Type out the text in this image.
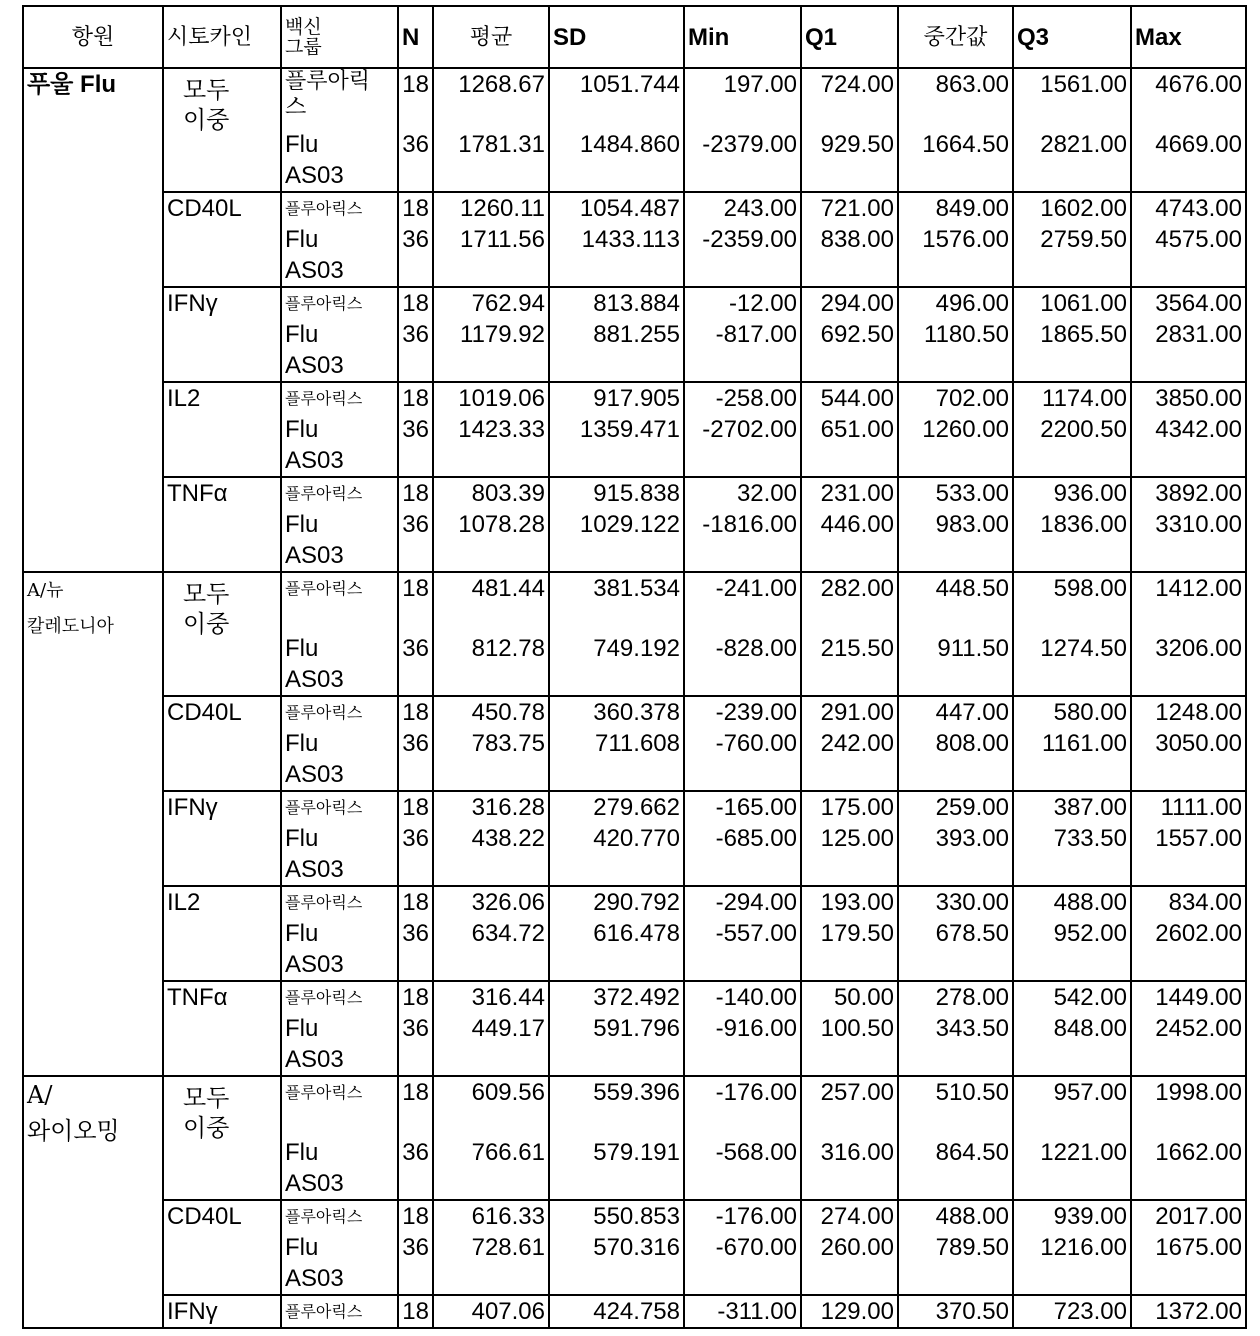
항원	시토카인	백신
그룹	N	평균	SD	Min	Q1	중간값	Q3	Max

푸울 Flu	모두
이중

플루아릭스
Flu AS03

18
36

1268.67
1781.31

1051.744
1484.860

197.00
-2379.00

724.00
929.50

863.00
1664.50

1561.00
2821.00

4676.00
4669.00

CD40L	플루아릭스
Flu AS03

18
36

1260.11
1711.56

1054.487
1433.113

243.00
-2359.00

721.00
838.00

849.00
1576.00

1602.00
2759.50

4743.00
4575.00

IFNγ	플루아릭스
Flu AS03

18
36

762.94
1179.92

813.884
881.255

-12.00
-817.00

294.00
692.50

496.00
1180.50

1061.00
1865.50

3564.00
2831.00

IL2	플루아릭스
Flu AS03

18
36

1019.06
1423.33

917.905
1359.471

-258.00
-2702.00

544.00
651.00

702.00
1260.00

1174.00
2200.50

3850.00
4342.00

TNFα	플루아릭스
Flu AS03

18
36

803.39
1078.28

915.838
1029.122

32.00
-1816.00

231.00
446.00

533.00
983.00

936.00
1836.00

3892.00
3310.00

A/뉴
칼레도니아

모두
이중

플루아릭스
Flu AS03

18
36

481.44
812.78

381.534
749.192

-241.00
-828.00

282.00
215.50

448.50
911.50

598.00
1274.50

1412.00
3206.00

CD40L	플루아릭스
Flu AS03

18
36

450.78
783.75

360.378
711.608

-239.00
-760.00

291.00
242.00

447.00
808.00

580.00
1161.00

1248.00
3050.00

IFNγ	플루아릭스
Flu AS03

18
36

316.28
438.22

279.662
420.770

-165.00
-685.00

175.00
125.00

259.00
393.00

387.00
733.50

1111.00
1557.00

IL2	플루아릭스
Flu AS03

18
36

326.06
634.72

290.792
616.478

-294.00
-557.00

193.00
179.50

330.00
678.50

488.00
952.00

834.00
2602.00

TNFα	플루아릭스
Flu AS03

18
36

316.44
449.17

372.492
591.796

-140.00
-916.00

50.00
100.50

278.00
343.50

542.00
848.00

1449.00
2452.00

A/
와이오밍

모두
이중

플루아릭스
Flu AS03

18
36

609.56
766.61

559.396
579.191

-176.00
-568.00

257.00
316.00

510.50
864.50

957.00
1221.00

1998.00
1662.00

CD40L	플루아릭스
Flu AS03

18
36

616.33
728.61

550.853
570.316

-176.00
-670.00

274.00
260.00

488.00
789.50

939.00
1216.00

2017.00
1675.00

IFNγ	플루아릭스	18	407.06	424.758	-311.00	129.00	370.50	723.00	1372.00
